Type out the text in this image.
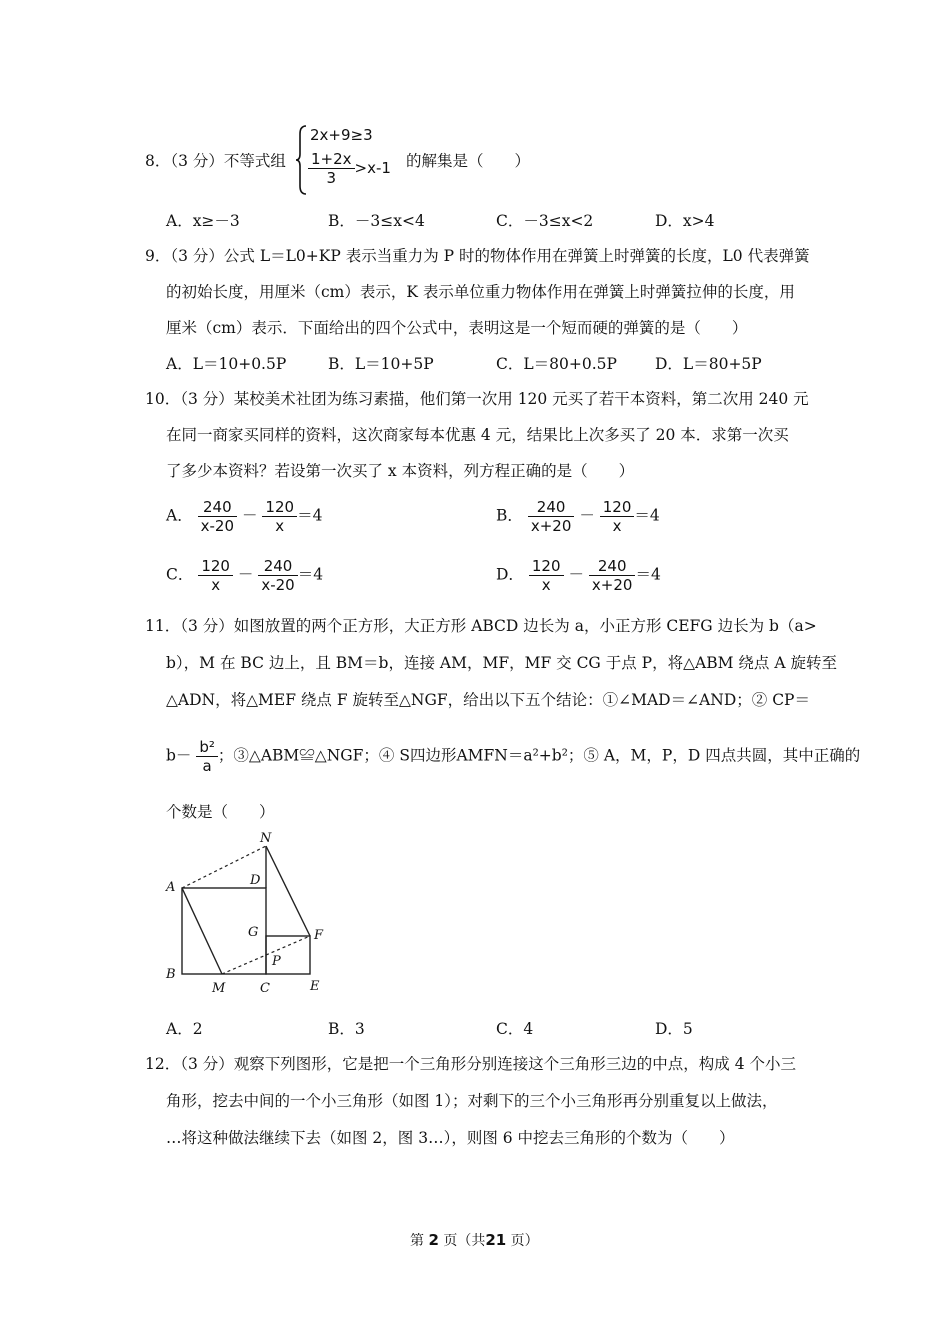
8．（3 分）不等式组
2x+9≥3
$\frac{1+2x}{3} >x-1$ 的解集是（　　）
A．x≥－3	B．－3≤x<4	C．－3≤x<2	D．x>4
9．（3 分）公式 L＝L0+KP 表示当重力为 P 时的物体作用在弹簧上时弹簧的长度，L0 代表弹簧
的初始长度，用厘米（cm）表示，K 表示单位重力物体作用在弹簧上时弹簧拉伸的长度，用
厘米（cm）表示．下面给出的四个公式中，表明这是一个短而硬的弹簧的是（　　）
A．L＝10+0.5P	B．L＝10+5P	C．L＝80+0.5P D．L＝80+5P
10．（3 分）某校美术社团为练习素描，他们第一次用 120 元买了若干本资料，第二次用 240 元
在同一商家买同样的资料，这次商家每本优惠 4 元，结果比上次多买了 20 本．求第一次买
了多少本资料？若设第一次买了 x 本资料，列方程正确的是（　　）
A． $\frac{240}{x-20} - \frac{120}{x} =4$	B． $\frac{240}{x+20} - \frac{120}{x} =4$
C． $\frac{120}{x} - \frac{240}{x-20} =4$	D． $\frac{120}{x} - \frac{240}{x+20} =4$
11．（3 分）如图放置的两个正方形，大正方形 ABCD 边长为 a，小正方形 CEFG 边长为 b（a>
b），M 在 BC 边上，且 BM＝b，连接 AM，MF，MF 交 CG 于点 P，将△ABM 绕点 A 旋转至
△ADN，将△MEF 绕点 F 旋转至△NGF，给出以下五个结论：①∠MAD＝∠AND；② CP＝
$b- \frac{\text{b²}}{a}$ ；③△ABM≌△NGF；④ S四边形AMFN＝a²+b²；⑤ A，M，P，D 四点共圆，其中正确的
个数是（　　）
N
A	D
G	F
P
B
M	C	E
A．2	B．3	C．4	D．5
12．（3 分）观察下列图形，它是把一个三角形分别连接这个三角形三边的中点，构成 4 个小三
角形，挖去中间的一个小三角形（如图 1）；对剩下的三个小三角形再分别重复以上做法，
…将这种做法继续下去（如图 2，图 3…），则图 6 中挖去三角形的个数为（　　）
第 2 页（共21 页）
